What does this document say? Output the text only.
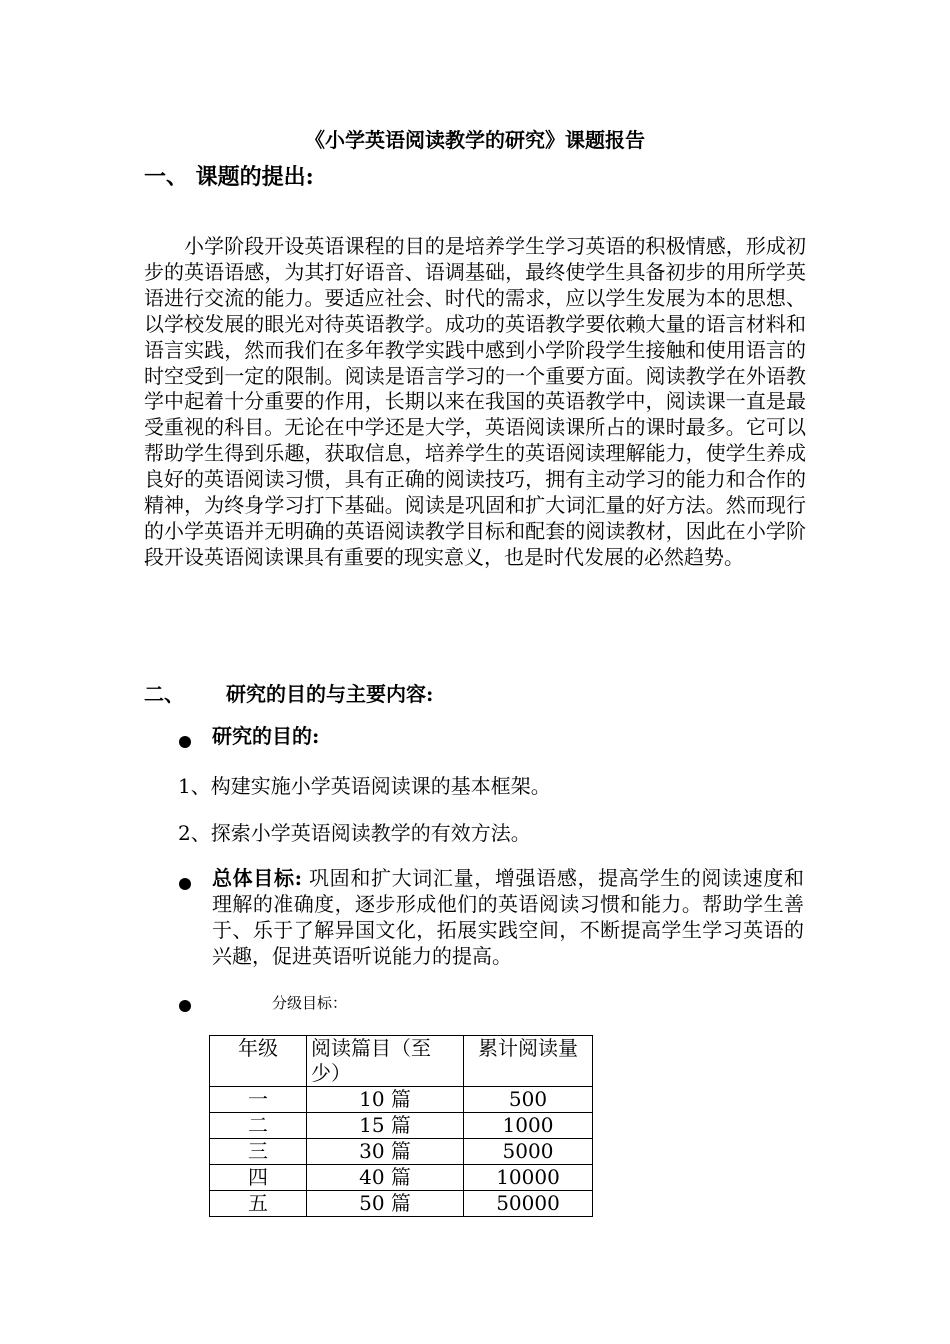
《小学英语阅读教学的研究》课题报告
一、 课题的提出:

小学阶段开设英语课程的目的是培养学生学习英语的积极情感，形成初步的英语语感，为其打好语音、语调基础，最终使学生具备初步的用所学英语进行交流的能力。要适应社会、时代的需求，应以学生发展为本的思想、以学校发展的眼光对待英语教学。成功的英语教学要依赖大量的语言材料和语言实践，然而我们在多年教学实践中感到小学阶段学生接触和使用语言的时空受到一定的限制。阅读是语言学习的一个重要方面。阅读教学在外语教学中起着十分重要的作用，长期以来在我国的英语教学中，阅读课一直是最受重视的科目。无论在中学还是大学，英语阅读课所占的课时最多。它可以帮助学生得到乐趣，获取信息，培养学生的英语阅读理解能力，使学生养成良好的英语阅读习惯，具有正确的阅读技巧，拥有主动学习的能力和合作的精神，为终身学习打下基础。阅读是巩固和扩大词汇量的好方法。然而现行的小学英语并无明确的英语阅读教学目标和配套的阅读教材，因此在小学阶段开设英语阅读课具有重要的现实意义，也是时代发展的必然趋势。

二、 研究的目的与主要内容:
研究的目的:
1、构建实施小学英语阅读课的基本框架。
2、探索小学英语阅读教学的有效方法。

总体目标: 巩固和扩大词汇量，增强语感，提高学生的阅读速度和理解的准确度，逐步形成他们的英语阅读习惯和能力。帮助学生善于、乐于了解异国文化，拓展实践空间，不断提高学生学习英语的兴趣，促进英语听说能力的提高。

分级目标：
年级	阅读篇目（至少）	累计阅读量
一	10 篇	500
二	15 篇	1000
三	30 篇	5000
四	40 篇	10000
五	50 篇	50000
